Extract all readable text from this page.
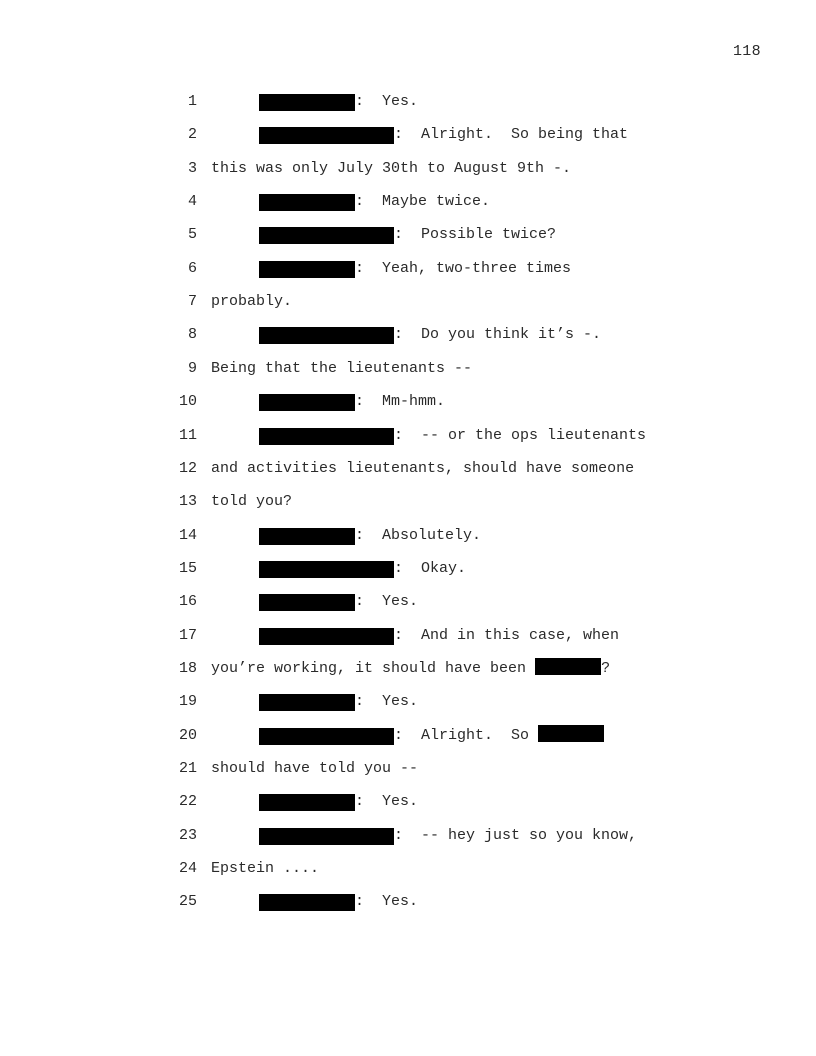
118
1	:  Yes.
2	:  Alright.  So being that
3 this was only July 30th to August 9th -.
4	:  Maybe twice.
5	:  Possible twice?
6	:  Yeah, two-three times
7 probably.
8	:  Do you think it’s -.
9 Being that the lieutenants --
10	:  Mm-hmm.
11	:  -- or the ops lieutenants
12 and activities lieutenants, should have someone
13 told you?
14	:  Absolutely.
15	:  Okay.
16	:  Yes.
17	:  And in this case, when
18 you’re working, it should have been	?
19	:  Yes.
20	:  Alright.  So
21 should have told you --
22	:  Yes.
23	:  -- hey just so you know,
24 Epstein ....
25	:  Yes.
